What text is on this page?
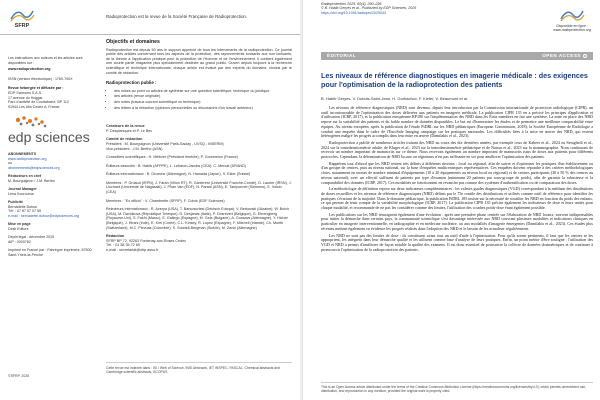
SFRP
Radioprotection est la revue de la Société Française de Radioprotection.

Les instructions aux auteurs et les articles sont disponibles sur :

www.radioprotection.org

ISSN (version électronique) : 1769-700X

Revue hébergée et diffusée par :
EDP Sciences S.A.S.
17 avenue du Hoggar
Parc d'activité de Courtabœuf, BP 112
91944 Les Ulis Cedex A, France

edp sciences

ABONNEMENTS
www.radioprotection.org
ou
abonnements@edpsciences.org

Rédacteurs en chef
M. Bourguignon / J.M. Bertho

Journal Manager
Lena Kourouma

Publicité
Bernadette Dufour
Tél. : 07 87 57 07 59
e-mail : bernadette.dufour@edpsciences.org

Mise en page
Desk Editors

Dépôt légal : décembre 2025
AIP : 0000782

Imprimé en France par : Fabrègue imprimeur, 87500 Saint-Yrieix-la-Perche

©SFRP, 2025
Objectifs et domaines
Radioprotection est depuis 50 ans le support apprécié de tous les intervenants de la radioprotection. Ce journal publie des articles concernant tous les aspects de la protection, des rayonnements ionisants aux non ionisants, de la théorie à l'application pratique pour la protection de l'Homme et de l'environnement. Il contient également une courte partie magazine plus spécialement destinée au grand public. Ouvert depuis toujours à la recherche scientifique et technique internationale, chaque article est évalué par des experts du domaine, choisis par le comité de rédaction.
Radioprotection publie :
• des mises au point ou articles de synthèse sur une question scientifique, technique ou juridique
• des articles (revue originale)
• des notes (travaux courant scientifique ou technique)
• des lettres à la rédaction (opinions personnelles ou discussions d'un travail antérieur)
Créateurs de la revue
P. Desplanques et P. Le Bec
Comité de rédaction
Président : M. Bourguignon (Université Paris-Saclay - UVSQ - INSERM)
Vice-président : J.M. Bertho (ASN)
Conseillers scientifiques : H. Métivier (Président émérite), P. Gourmelon (France)
Éditeurs associés : B. Habib (AFPPE), L. Lebaron-Jacobs (CEA), C. Mercat (DRAND)
Éditeurs internationaux : B. Groeche (Allemagne), N. Hamada (Japon), S. Ester (Suisse)
Membres : P. Gruaud (IRPN), J. Farah (Vilion RT), R. Ganlerest (Université Franche-Comté), D. Laurier (IRSN), J. Liochard (Université de Nagasaki), J. Phan Van (EDF), N. Paradi (ASN), E. Tamponnet (Siemens), E. Voisin (CEA)
Membres : "Ex officio" : V. Chambrette (SFRP), F. Colvis (EDF Sciences)
Relecteurs internationaux : R. Azerya (USA), T. Barsosurtesi (Déutsch Eutopa), V. Berkovski (Ukraine), W. Bolch (USA), M. Davidkova (République Tchèque), D. Desjarais (Italie), P. Dosrevert (Belgique), G. Ehrengberg (Royaume-Uni), S. Fakhi (Maroc), E. Gallego (Espagne), M. Gets (Bulgarie), A. Gussavs (Allemagne), Y. Hicher (Belgique), J. Hirani (Inde), E. Kim (Corée), C.L. Kinsey, R. Lopez (Espagne), F. Mitchell (Irlande), Ch. Murith (Switzerland), M.C. Plevuas (Colombie), S. Sundell-Bergman (Suède), M. Zankl (Allemagne)
Rédaction
SFRP BP 72, 92263 Fontenay-aux-Roses Cedex
Tél. : 01 58 35 72 65
e-mail : secretariat@sfrp.asso.fr
Cette revue est indexée dans : ISI / Web of Science, INIS Abstracts, IET INSPEC, PASCAL, Chemical abstracts and Cambridge scientific abstracts, SCOPUS
Radioprotection 2025, 60(4), 290–296
© B. Habib Geryes et al., Published by EDP Sciences, 2025
https://doi.org/10.1051/radiopro/2025043
Disponible en ligne :
www.radioprotection.org
ÉDITORIAL	OPEN ACCESS
Les niveaux de référence diagnostiques en imagerie médicale : des exigences pour l'optimisation de la radioprotection des patients
B. Habib Geryes, V. Dubois-Saint-Jean, H. Gorbachov, F. Kiefer, V. Beaumont et al.

Les niveaux de référence diagnostiques (NRD) sont devenus, depuis leur introduction par la Commission internationale de protection radiologique (CIPR), un outil incontournable de l'optimisation des doses délivrées aux patients en imagerie médicale. La publication CIPR 135 en a précisé les principes d'application et d'utilisation (ICRP, 2017), et la publication européenne RP180 sur l'implémentation des NRD dans les États membres en fait une synthèse. La mise en place des NRD repose sur la variabilité des patients et du faible nombre de données disponibles. Le but est d'harmoniser les études et de permettre une meilleure comparabilité entre équipes. Au niveau européen, après la publication de l'étude PiDRL sur les NRD pédiatriques (European Commission, 2018), la Société Européenne de Radiologie a conduit une enquête dans le cadre de l'EuroSafe Imaging campaign sur les pratiques nationales. Les difficultés liées à la mise en œuvre des NRD, qui restent hétérogènes malgré les progrès accomplis dans leur mise en œuvre (Damilakis et al., 2023).

Radioprotection a publié de nombreux articles traitant des NRD au cours des dix dernières années, par exemple ceux de Kabeer et al., 2024 ou Senighedi et al., 2024 sur la tomodensitométrie adulte, de Kluger et al., 2023 sur la tomodensitométrie pédiatrique et de Nassar et al., 2023 sur la mammographie. Nous continuons de recevoir un nombre important de manuscrits sur ce thème. Nous recevons également un nombre important de manuscrits issus de doses aux patients pour différents protocoles. Cependant, la détermination de NRD locaux ou régionaux n'est pas suffisante en soi pour améliorer l'optimisation des patients.

Rappelons tout d'abord que les NRD restent très définis à différents niveaux : local ou régional, afin de suivre et d'optimiser les pratiques d'un établissement ou d'un groupe de centres, puis au niveau national, sur la base d'enquêtes multicentriques représentatives. Ces enquêtes doivent répondre à des critères méthodologiques clairs, notamment en termes de nombre minimal d'équipements (10 à 20 équipements au niveau local ou régional) et de centres participants (30 à 50 % des centres au niveau national), avec un effectif suffisant de patients par type d'examen (minimum 20 patients par sous-groupe de poids), afin de garantir la robustesse et la comparabilité des données (ICRP, 2017). Ces modalités ne fonctionnent en revanche pas comme des systèmes d'authentification ou de comparaison des doses.

La méthodologie de définition repose sur deux indicateurs complémentaires : les valeurs guides diagnostiques (VGD) correspondant à la médiane des distributions de doses recueillies et les niveaux de référence diagnostiques (NRD) définis par le 75e centile des distributions et utilisés comme outil de référence pour identifier les pratiques s'écartant de la majorité. Dans le domaine pédiatrique, la publication PiDRL 185 insiste sur la nécessité de stratifier les NRD en fonction du poids des enfants, ce qui permet de tenir compte de la variabilité morphologique (ICRP, 2017). La publication CIPR 135 précise également les indicateurs de dose et leurs unités pour chaque modalité, et recommande de ne pas les considérer comme des limites, l'utilisation des courbes poids-dose étant également possible.

Les publications sur les NRD témoignent également d'une évolution : après une première phase centrée sur l'élaboration de NRD locaux, souvent indispensables pour initier la démarche dans certains pays, la communauté scientifique s'est davantage intéressée aux NRD couvrant plusieurs modalités et indications cliniques en particulier en imagerie interventionnelle, en radiographie et en médecine nucléaire, ou aux modalités d'imagerie émergentes (Damilakis et al., 2023). Ces études plus récentes mettent également en évidence les progrès réalisés dans l'adoption des NRD et le besoin de les actualiser régulièrement.

Les NRD ne sont pas des limites de dose : ils constituent avant tout un outil d'aide à l'optimisation. Pour qu'ils soient pertinents, il faut que les centres se les approprient, les intègrent dans leur démarche qualité et les utilisent comme base d'analyse de leurs pratiques. Enfin, un point mérite d'être souligné : l'utilisation des VGD et NRD a permis d'améliorer de façon notable la qualité des examens. Il est donc essentiel de poursuivre la collecte de données dosimétriques et de continuer à promouvoir l'optimisation de la radioprotection des patients.

This is an Open Access article distributed under the terms of the Creative Commons Attribution License (https://creativecommons.org/licenses/by/4.0), which permits unrestricted use, distribution, and reproduction in any medium, provided the original work is properly cited.
